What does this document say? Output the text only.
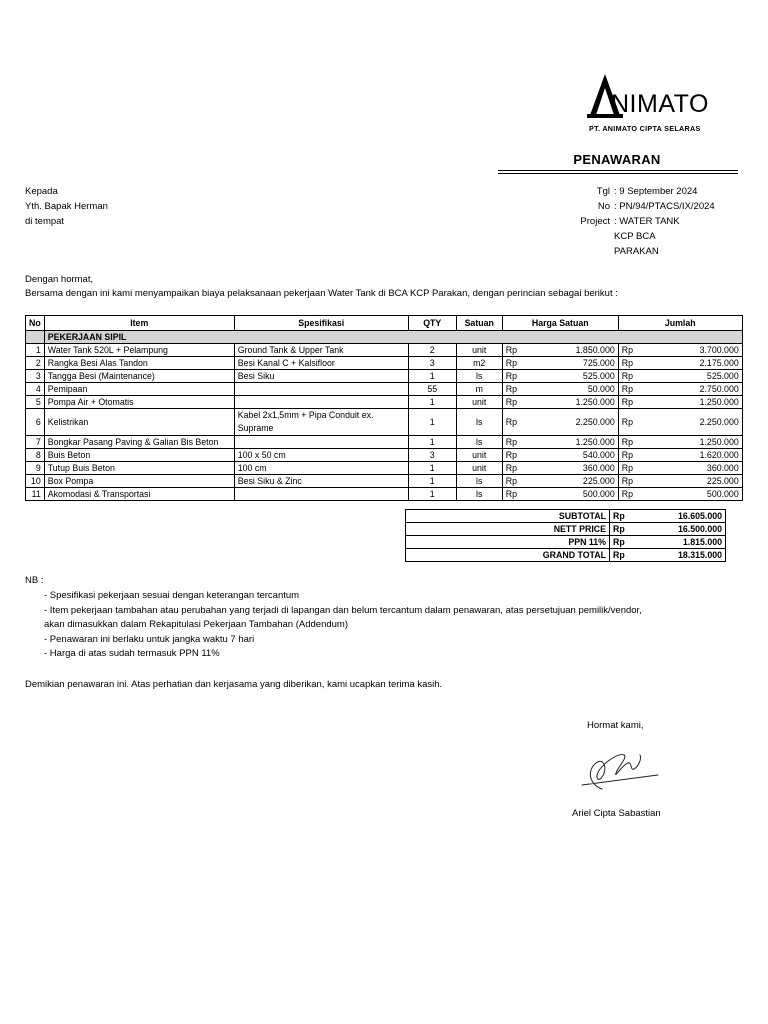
NIMATO
PT. ANIMATO CIPTA SELARAS
PENAWARAN
Kepada
Yth. Bapak Herman
di tempat
Tgl : 9 September 2024
No : PN/94/PTACS/IX/2024
Project : WATER TANK
KCP BCA
PARAKAN
Dengan hormat,
Bersama dengan ini kami menyampaikan biaya pelaksanaan pekerjaan Water Tank di BCA KCP Parakan, dengan perincian sebagai berikut :
No	Item	Spesifikasi	QTY	Satuan	Harga Satuan	Jumlah
	PEKERJAAN SIPIL					
1	Water Tank 520L + Pelampung	Ground Tank & Upper Tank	2	unit	Rp 1.850.000	Rp 3.700.000

2	Rangka Besi Alas Tandon	Besi Kanal C + Kalsifloor	3	m2	Rp 725.000	Rp 2.175.000

3	Tangga Besi (Maintenance)	Besi Siku	1	ls	Rp 525.000	Rp 525.000

4	Pemipaan		55	m	Rp 50.000	Rp 2.750.000

5	Pompa Air + Otomatis		1	unit	Rp 1.250.000	Rp 1.250.000

6	Kelistrikan	Kabel 2x1,5mm + Pipa Conduit ex. Suprame	1	ls	Rp 2.250.000	Rp 2.250.000

7	Bongkar Pasang Paving & Galian Bis Beton		1	ls	Rp 1.250.000	Rp 1.250.000

8	Buis Beton	100 x 50 cm	3	unit	Rp 540.000	Rp 1.620.000

9	Tutup Buis Beton	100 cm	1	unit	Rp 360.000	Rp 360.000

10	Box Pompa	Besi Siku & Zinc	1	ls	Rp 225.000	Rp 225.000

11	Akomodasi & Transportasi		1	ls	Rp 500.000	Rp 500.000
SUBTOTAL	Rp 16.605.000

NETT PRICE	Rp 16.500.000

PPN 11%	Rp 1.815.000

GRAND TOTAL	Rp 18.315.000
NB :
- Spesifikasi pekerjaan sesuai dengan keterangan tercantum
- Item pekerjaan tambahan atau perubahan yang terjadi di lapangan dan belum tercantum dalam penawaran, atas persetujuan pemilik/vendor,
akan dimasukkan dalam Rekapitulasi Pekerjaan Tambahan (Addendum)
- Penawaran ini berlaku untuk jangka waktu 7 hari
- Harga di atas sudah termasuk PPN 11%
Demikian penawaran ini. Atas perhatian dan kerjasama yang diberikan, kami ucapkan terima kasih.
Hormat kami,
Ariel Cipta Sabastian
